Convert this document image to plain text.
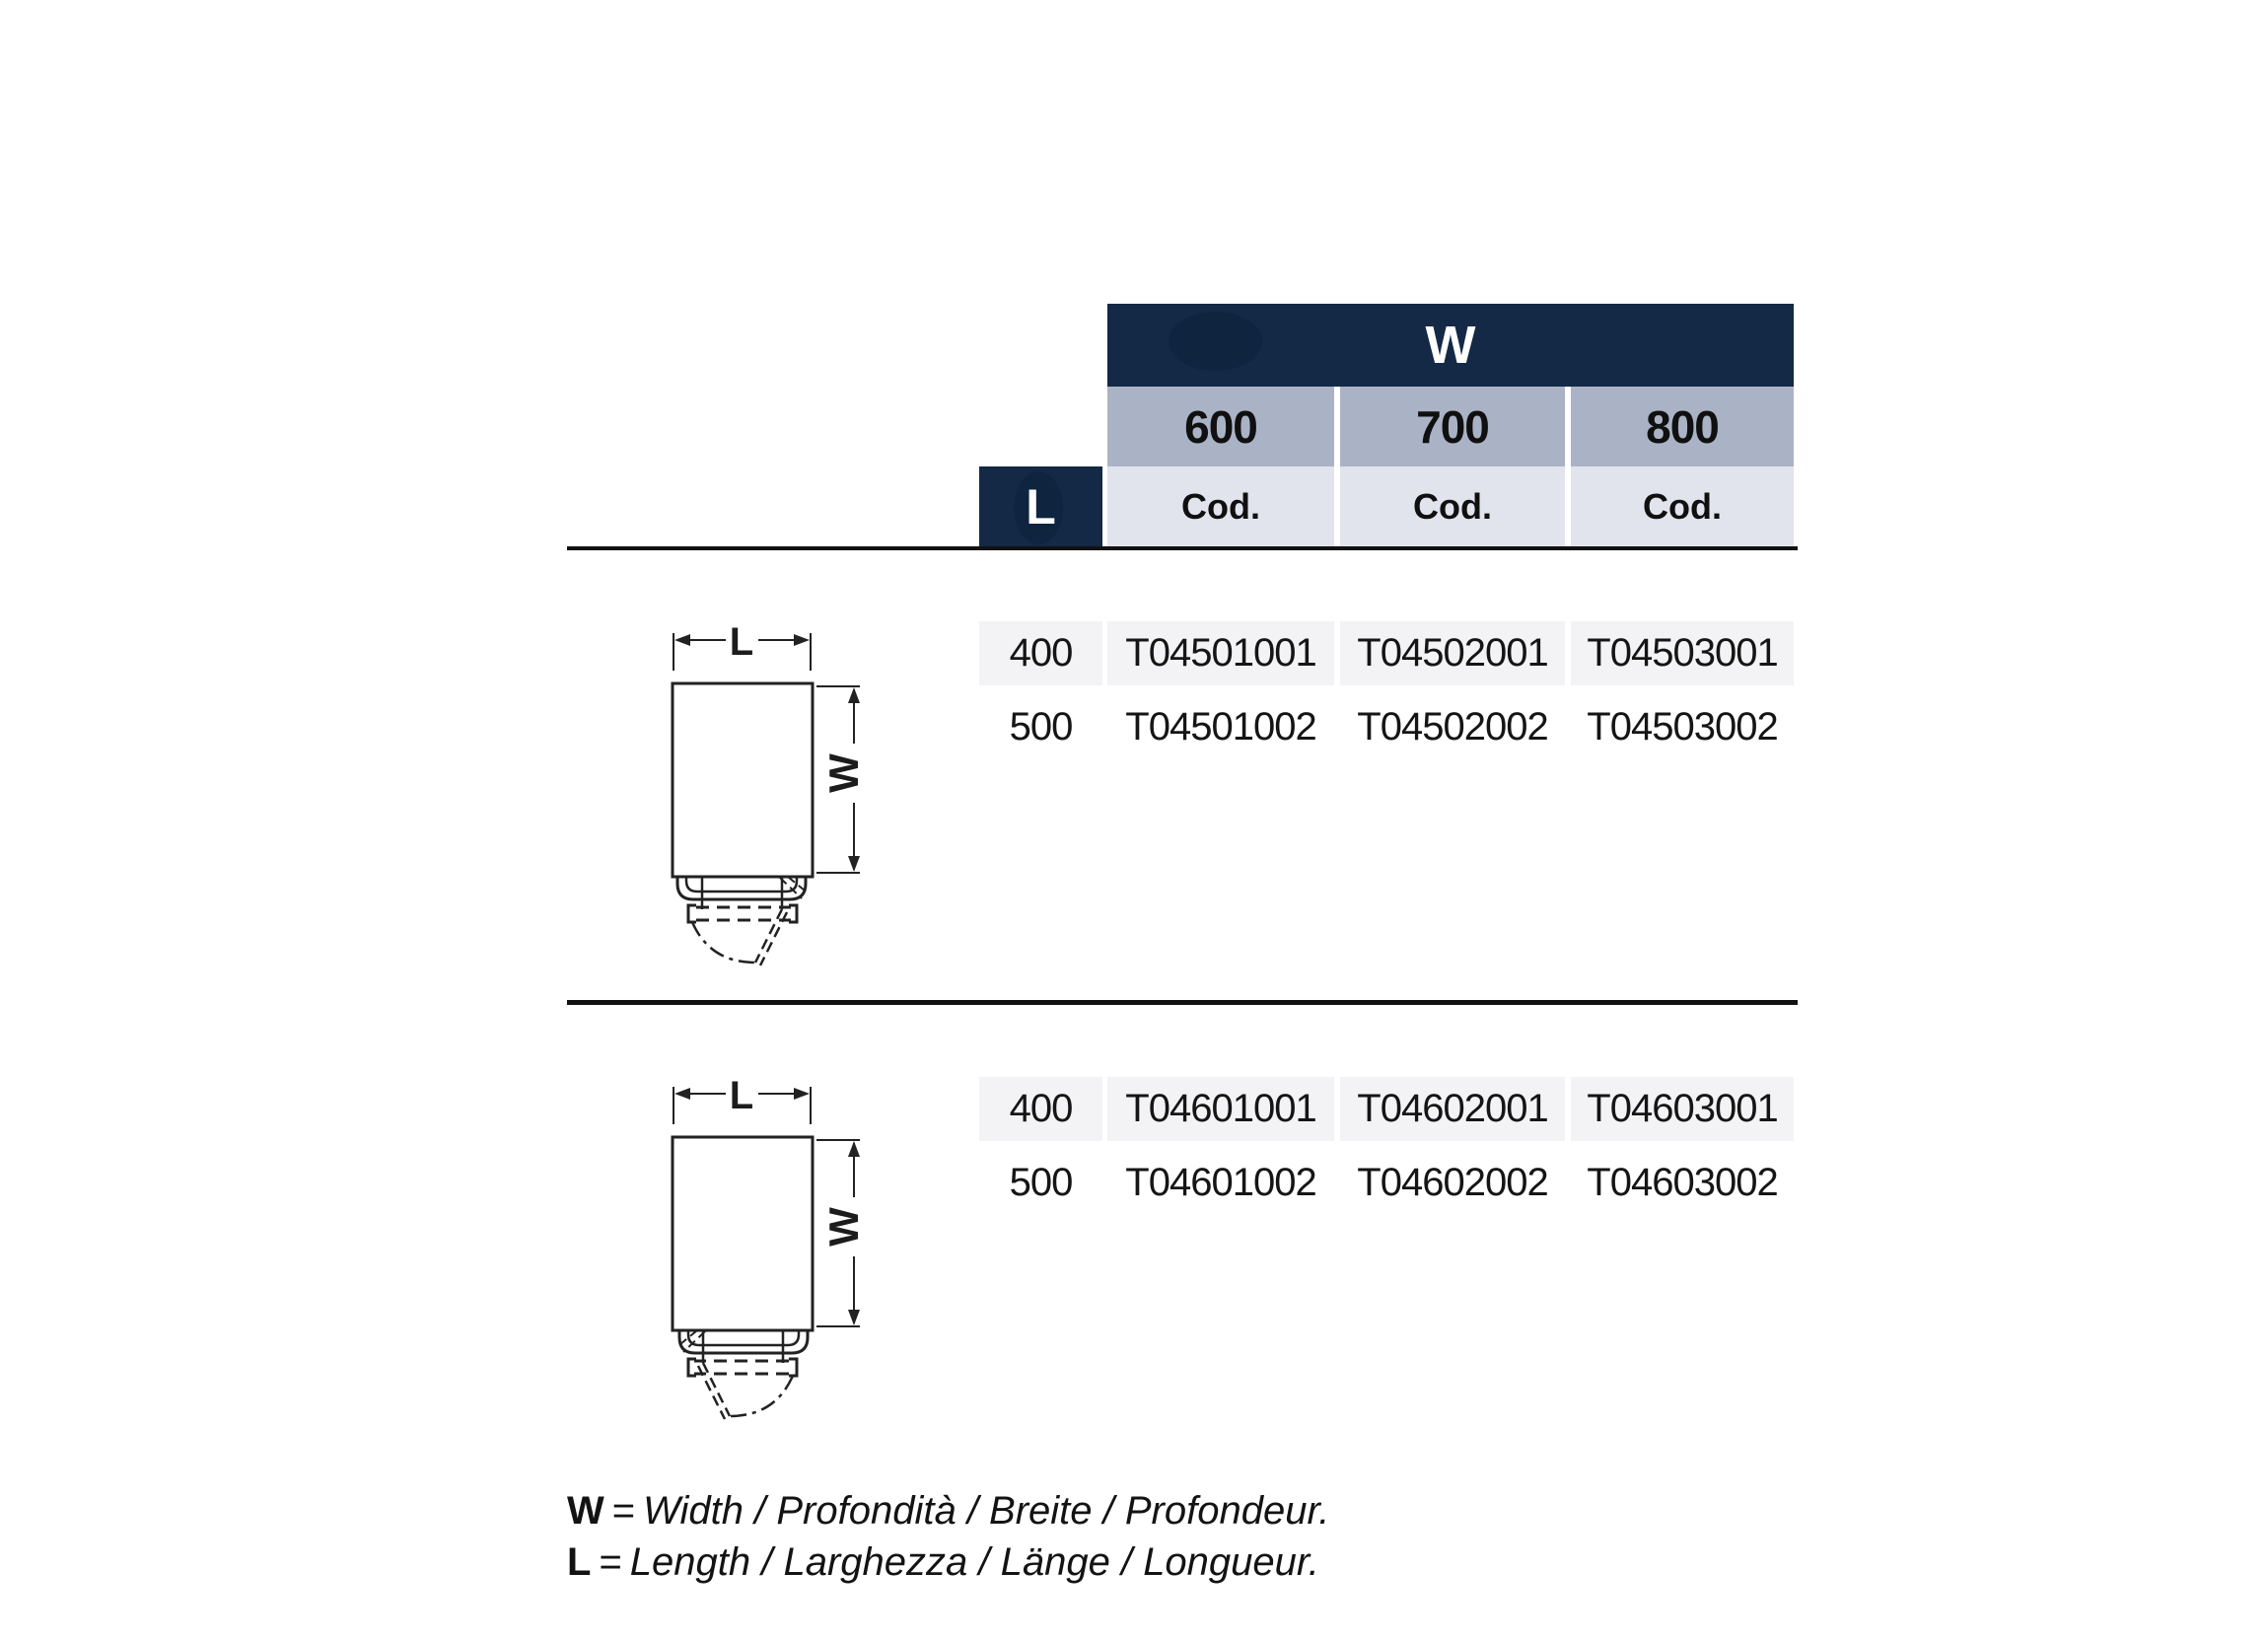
W
600	700	800
L	Cod.	Cod.	Cod.
400 T04501001 T04502001 T04503001
500 T04501002 T04502002 T04503002
L
W
400 T04601001 T04602001 T04603001
500 T04601002 T04602002 T04603002
L
W
W = Width / Profondità / Breite / Profondeur.
L = Length / Larghezza / Länge / Longueur.
